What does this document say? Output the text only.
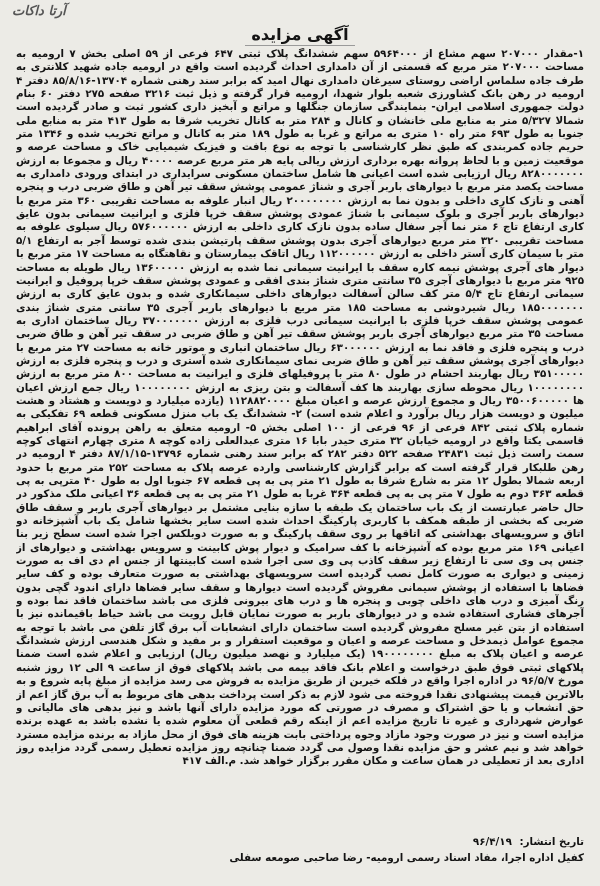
آرتا داکات
آگهی مزایده

۱-مقدار ۲۰۷۰۰۰ سهم مشاع از ۵۹۶۴۰۰۰ سهم ششدانگ پلاک ثبتی ۶۴۷ فرعی از ۵۹ اصلی بخش ۷ ارومیه به مساحت ۲۰۷۰۰۰ متر مربع که قسمتی از آن دامداری احداث گردیده است واقع در ارومیه جاده شهید کلانتری به طرف جاده سلماس اراضی روستای سیرغان دامداری نهال امید که برابر سند رهنی شماره ۱۳۷۰۴-۸۵/۸/۱۶ دفتر ۴ ارومیه در رهن بانک کشاورزی شعبه بلوار شهدا، ارومیه قرار گرفته و ذیل ثبت ۳۲۱۶ صفحه ۲۷۵ دفتر ۶۰ بنام دولت جمهوری اسلامی ایران- بنمایندگی سازمان جنگلها و مراتع و آبخیز داری کشور ثبت و صادر گردیده است شمالا ۵/۳۲۷ متر به منابع ملی خانشان و کانال و ۲۸۴ متر به کانال تخریب شرقا به طول ۴۱۳ متر به منابع ملی جنوبا به طول ۶۹۳ متر راه ۱۰ متری به مراتع و غربا به طول ۱۸۹ متر به کانال و مراتع تخریب شده و ۱۳۴۶ متر حریم جاده کمربندی که طبق نظر کارشناسی با توجه به نوع بافت و فیزیک شیمیایی خاک و مساحت عرصه و موقعیت زمین و با لحاظ پروانه بهره برداری ارزش ریالی پایه هر متر مربع عرصه ۴۰۰۰۰ ریال و مجموعا به ارزش ۸۲۸۰۰۰۰۰۰۰ ریال ارزیابی شده است اعیانی ها شامل ساختمان مسکونی سرایداری در ابتدای ورودی دامداری به مساحت یکصد متر مربع با دیوارهای باربر آجری و شناژ عمومی پوشش سقف تیر آهن و طاق ضربی درب و پنجره آهنی و نازک کاری داخلی و بدون نما به ارزش ۲۰۰۰۰۰۰۰۰ ریال انبار علوفه به مساحت تقریبی ۳۶۰ متر مربع با دیوارهای باربر آجری و بلوک سیمانی با شناژ عمودی پوشش سقف خرپا فلزی و ایرانیت سیمانی بدون عایق کاری ارتفاع تاج ۶ متر نما آجر سفال ساده بدون نازک کاری داخلی به ارزش ۵۷۶۰۰۰۰۰۰ ریال سیلوی علوفه به مساحت تقریبی ۳۲۰ متر مربع دیوارهای آجری بدون پوشش سقف پارتیشن بندی شده توسط آجر به ارتفاع ۵/۱ متر با سیمان کاری آستر داخلی به ارزش ۱۱۲۰۰۰۰۰۰ ریال اتاقک بیمارستان و نقاهتگاه به مساحت ۱۷ متر مربع با دیوار های آجری پوشش نیمه کاره سقف با ایرانیت سیمانی نما شده به ارزش ۱۳۶۰۰۰۰۰ ریال طویله به مساحت ۹۲۵ متر مربع با دیوارهای آجری ۳۵ سانتی متری شناژ بندی افقی و عمودی پوشش سقف خرپا پروفیل و ایرانیت سیمانی ارتفاع تاج ۵/۴ متر کف سالن آسفالت دیوارهای داخلی سیمانکاری شده و بدون عایق کاری به ارزش ۱۸۵۰۰۰۰۰۰۰ ریال شیردوشی به مساحت ۱۸۵ متر مربع با دیوارهای باربر آجری ۳۵ سانتی متری شناژ بندی عمومی پوشش سقف خرپا فلزی با ایرانیت سیمانی درب فلزی به ارزش ۳۷۰۰۰۰۰۰۰ ریال ساختمان اداری به مساحت ۳۵ متر مربع دیوارهای آجری باربر پوشش سقف تیر آهن و طاق ضربی در سقف تیر آهن و طاق ضربی درب و پنجره فلزی و فاقد نما به ارزش ۶۳۰۰۰۰۰۰ ریال ساختمان انباری و موتور خانه به مساحت ۲۷ متر مربع با دیوارهای آجری پوشش سقف تیر آهن و طاق ضربی نمای سیمانکاری شده آستری و درب و پنجره فلزی به ارزش ۳۵۱۰۰۰۰۰ ریال بهاربند احشام در طول ۸۰ متر با پروفیلهای فلزی و ایرانیت به مساحت ۸۰۰ متر مربع به ارزش ۱۰۰۰۰۰۰۰۰ ریال محوطه سازی بهاربند ها کف آسفالت و بتن ریزی به ارزش ۱۰۰۰۰۰۰۰۰ ریال جمع ارزش اعیان ها ۳۵۰۰۶۰۰۰۰۰ ریال و مجموع ارزش عرصه و اعیان مبلغ ۱۱۲۸۸۲۰۰۰۰ (یازده میلیارد و دویست و هشتاد و هشت میلیون و دویست هزار ریال برآورد و اعلام شده است) ۲- ششدانگ یک باب منزل مسکونی قطعه ۶۹ تفکیکی به شماره پلاک ثبتی ۸۴۲ فرعی از ۹۶ فرعی از ۱۰۰ اصلی بخش ۵- ارومیه متعلق به راهن پرونده آقای ابراهیم قاسمی یکتا واقع در ارومیه خیابان ۳۲ متری حیدر بابا ۱۶ متری عبدالعلی زاده کوچه ۸ متری چهارم انتهای کوچه سمت راست ذیل ثبت ۲۴۸۳۱ صفحه ۵۲۲ دفتر ۲۸۲ که برابر سند رهنی شماره ۱۳۷۹۶-۸۷/۱/۱۵ دفتر ۴ ارومیه در رهن طلبکار قرار گرفته است که برابر گزارش کارشناسی وارده عرصه پلاک به مساحت ۲۵۲ متر مربع با حدود اربعه شمالا بطول ۱۲ متر به شارع شرقا به طول ۲۱ متر پی به پی قطعه ۶۷ جنوبا اول به طول ۴۰ مترپی به پی قطعه ۳۶۳ دوم به طول ۷ متر پی به پی قطعه ۳۶۴ غربا به طول ۲۱ متر پی به پی قطعه ۳۶ اعیانی ملک مذکور در حال حاضر عبارتست از یک باب ساختمان یک طبقه با سازه بنایی مشتمل بر دیوارهای آجری باربر و سقف طاق ضربی که بخشی از طبقه همکف با کاربری پارکینگ احداث شده است سایر بخشها شامل یک باب آشپزخانه دو اتاق و سرویسهای بهداشتی که اتاقها بر روی سقف پارکینگ و به صورت دوبلکس اجرا شده است سطح زیر بنا اعیانی ۱۶۹ متر مربع بوده که آشپزخانه با کف سرامیک و دیوار پوش کابینت و سرویس بهداشتی و دیوارهای از جنس پی وی سی تا ارتفاع زیر سقف کاذب پی وی سی اجرا شده است کابینتها از جنس ام دی اف به صورت زمینی و دیواری به صورت کامل نصب گردیده است سرویسهای بهداشتی به صورت متعارف بوده و کف سایر فضاها با استفاده از پوشش سیمانی مفروش گردیده است دیوارها و سقف سایر فضاها دارای اندود گچی بدون رنگ آمیزی و درب های داخلی چوبی و پنجره ها و درب های بیرونی فلزی می باشد ساختمان فاقد نما بوده و آجرهای فشاری استفاده شده و در دیوارهای باربر به صورت نمایان قابل رویت می باشد حیاط باقیمانده نیز با استفاده از بتن غیر مسلح مفروش گردیده است ساختمان دارای انشعابات آب برق گاز تلفن می باشد با توجه به مجموع عوامل ذیمدخل و مساحت عرصه و اعیان و موقعیت استقرار و بر مفید و شکل هندسی ارزش ششدانگ عرصه و اعیان پلاک به مبلغ ۱۹۰۰۰۰۰۰۰۰ (یک میلیارد و نهصد میلیون ریال) ارزیابی و اعلام شده است ضمنا پلاکهای ثبتی فوق طبق درخواست و اعلام بانک فاقد بیمه می باشد پلاکهای فوق از ساعت ۹ الی ۱۲ روز شنبه مورخ ۹۶/۵/۷ در اداره اجرا واقع در فلکه خیربن از طریق مزایده به فروش می رسد مزایده از مبلغ پایه شروع و به بالاترین قیمت پیشنهادی نقدا فروخته می شود لازم به ذکر است پرداخت بدهی های مربوط به آب برق گاز اعم از حق انشعاب و یا حق اشتراک و مصرف در صورتی که مورد مزایده دارای آنها باشد و نیز بدهی های مالیاتی و عوارض شهرداری و غیره تا تاریخ مزایده اعم از اینکه رقم قطعی آن معلوم شده یا نشده باشد به عهده برنده مزایده است و نیز در صورت وجود مازاد وجوه پرداختی بابت هزینه های فوق از محل مازاد به برنده مزایده مسترد خواهد شد و نیم عشر و حق مزایده نقدا وصول می گردد ضمنا چنانچه روز مزایده تعطیل رسمی گردد مزایده روز اداری بعد از تعطیلی در همان ساعت و مکان مقرر برگزار خواهد شد. م.الف ۴۱۷

تاریخ انتشار: ۹۶/۴/۱۹
کفیل اداره اجرا، مفاد اسناد رسمی ارومیه- رضا صاحبی صومعه سفلی
